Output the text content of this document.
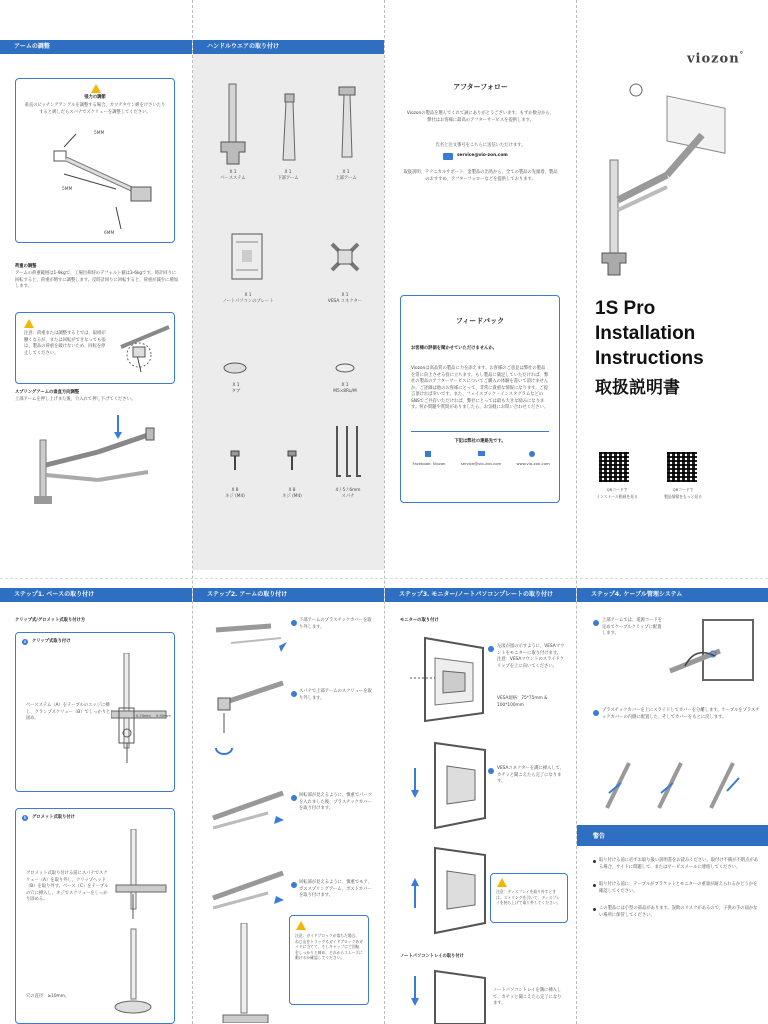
アームの調整
張力の調節
垂直のピッチングアングルを調整する場合、カツチタウン緩をけさいたりすると緩しだらスパナでスクリューを調整してください。
5MM
5MM
6MM
荷重の調整
アームの荷重範囲は1-9kgで、工場出荷時のデフォルト値は3-6kgです。時計回りに回転すると、荷重が増すに調整します。反時計回りに回転すると、荷重が減少に増加します。
注意：荷重または調整する上では、取組が働くなるが、または回転ができなっても張は、製品の荷重を破けないため、回転を停止してください。
スプリングアームの垂直方向調整
上部アームを押し上げまた後、力入れて押し下げてください。
ハンドルウエアの取り付け
X 1
ベースステム
X 1
下部アーム
X 1
上部アーム
X 1
ノートパソコンのプレート
X 1
VESA コネクター
X 1
タブ
X 1
M5×8Ru/M
X 8
ネジ (M4)
X 8
ネジ (M4)
4 / 5 / 6mm
スパナ
アフターフォロー
Viozonの製品を選んでくれて誠にありがとうございます。もずか数分から、弊社はお客様に最高のアフターサービスを提供します。
氏名と注文番号をこちらに送信いただけます。
service@vio-zon.com
取扱説明、テクニカルサポート、金製品の出処から、全ての製品の先頭着、製品のおすすめ、アフターフォローなどを提供しております。
フィードバック
お客様の評価を聞かせていただけませんか。
Viozonは高品質の製品に力を添えます。お客様のご意見は弊社の製品を常に向上させる役に立ちます。もし製品に満足していただければ、弊社の製品のアフターサービスについてご購入の体験を書いて頂けませんか。ご評価は他のお客様にとって、非常に貴重な情報になります。ご提言頂ければ幸いです。また、フェイスブック・インスタグラムなどのSNSでご共有いただければ、弊社にとっては最も大きな励みになります。何か問題や質問がありましたら、お気軽にお問い合わせください。
下記は弊社の連絡先です。
Facebook: Viozon	service@vio-zon.com	www.vio-zon.com
viozon°
1S Pro
Installation
Instructions
取扱説明書
QRコードで
インストール動画を見る
QRコードで
製品情報をもっと見る
ステップ1. ベースの取り付け
クリップ式/グロメット式取り付け方
a	クリップ式取り付け
ベースステム（A）をテーブルのエッジに挿し、クランプスクリュー（B）でしっかりと固め。	0-74mm 0-90mm
b	グロメット式取り付け
グロメット式取り付ける前にスパナでスクリュー（A）を取り外し、クリップヘッド（B）を取り外す。ベース（C）をテーブルの穴に挿入し、ネジでスクリューをしっかり固める。
穴の直径：≥10mm。
ステップ2. アームの取り付け
下部アームのプラスチックカバーを取り外します。
スパナで上部アームのスクリューを取り外します。
回転部が見えるように、慎重でパーツを入れました後、プラスチックカバーを取り付けます。
回転部が見えるように、慎重でモア、ガススプリングアーム、ボストカバーを取り付けます。
注意：ガイドブロックが落ちた場合、ねじ山をトラッグるガイドブロックあガイドに当てて、そしキャップにて回転をしっかりと締め、それからスムーズに動けるか確認してください。
ステップ3. モニター/ノートパソコンプレートの取り付け
モニターの取り付け
左図が図の示すように、VESAマウントをモニターに取り付けます。注意：VESAマウントのスライドクリップを上に向いてください。
VESA規格：75*75mm & 100*100mm
VESAコネクターを溝に挿入して、カチッと聞こえたら完了になります。
注意：ディスプレイを取り外すときは、ストリングを引いて、ディスプレイを持ち上げて取り外してください。
ノートパソコントレイの取り付け
ノートパソコントレイを溝に挿入して、カチッと聞こえたら完了になります。
ステップ4. ケーブル管理システム
上部アームでは、電源コードを定めてケーブルクリップに配置します。
プラスチックカバーを上にスライドしてカバーを分離します。ケーブルをプラスチックカバーの内側に配置した、そしてカバーをもとに戻します。
警告
取り付ける前に必ずお取り扱い説明書をお読みください。取付け不備が不明点がある場合、サイトに問題して、またはサービスメールに連絡してください。
取り付ける前に、テーブルがブラケットとモニターの重量が耐えられるかどうかを確認してください。
この製品には小型の部品があります。誤飲のリスクがあるので、子供の手の届かない場所に保管してください。
